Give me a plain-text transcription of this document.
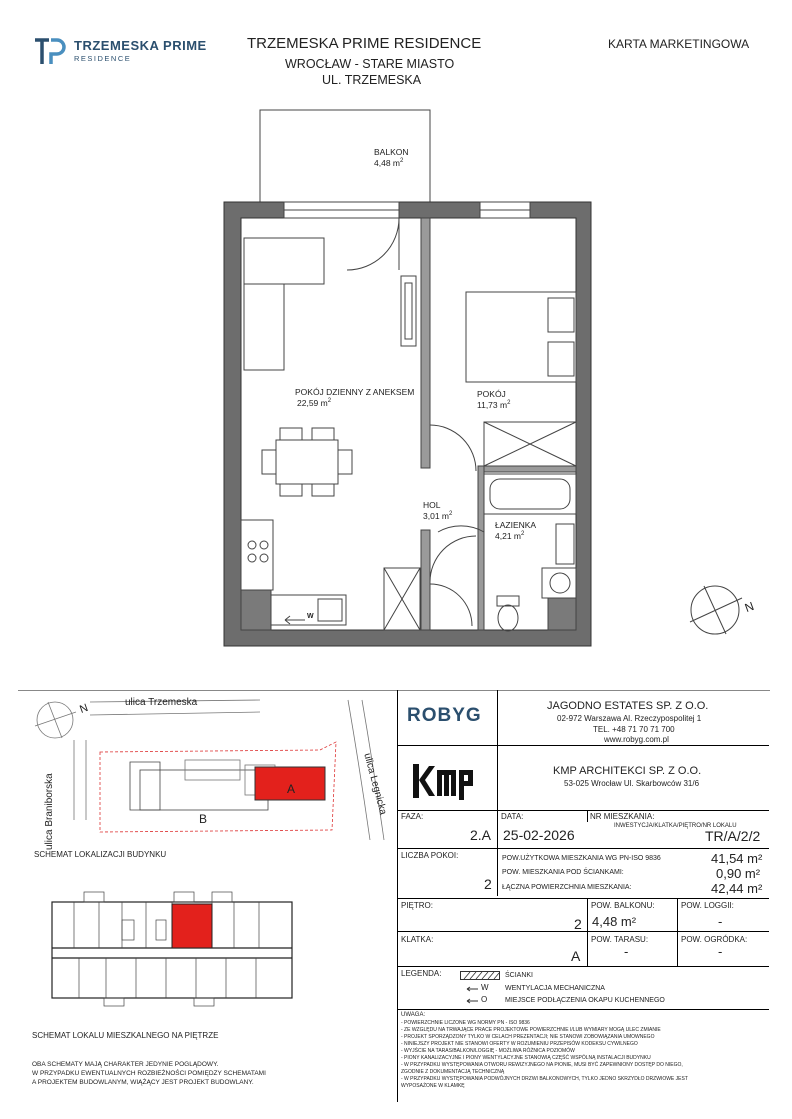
TRZEMESKA PRIME
RESIDENCE
TRZEMESKA PRIME RESIDENCE
WROCŁAW - STARE MIASTO
UL. TRZEMESKA
KARTA MARKETINGOWA
BALKON
4,48 $m^2$
POKÓJ DZIENNY Z ANEKSEM
22,59 $m^2$
POKÓJ
11,73 $m^2$
HOL
3,01 $m^2$
ŁAZIENKA
4,21 $m^2$
W
N
ulica Trzemeska
ulica Braniborska	ulica Legnicka
A
B
N
SCHEMAT LOKALIZACJI BUDYNKU
SCHEMAT LOKALU MIESZKALNEGO NA PIĘTRZE
OBA SCHEMATY MAJĄ CHARAKTER JEDYNIE POGLĄDOWY.
W PRZYPADKU EWENTUALNYCH ROZBIEŻNOŚCI POMIĘDZY SCHEMATAMI
A PROJEKTEM BUDOWLANYM, WIĄŻĄCY JEST PROJEKT BUDOWLANY.
ROBYG	JAGODNO ESTATES SP. Z O.O.
02-972 Warszawa Al. Rzeczypospolitej 1
TEL. +48 71 70 71 700
www.robyg.com.pl
KMP ARCHITEKCI SP. Z O.O.
53-025 Wrocław Ul. Skarbowców 31/6
FAZA:
2.A
DATA:
25-02-2026
NR MIESZKANIA:
INWESTYCJA/KLATKA/PIĘTRO/NR LOKALU
TR/A/2/2
LICZBA POKOI:
2
POW.UŻYTKOWA MIESZKANIA WG PN-ISO 9836	41,54 m²
POW. MIESZKANIA POD ŚCIANKAMI:	0,90 m²
ŁĄCZNA POWIERZCHNIA MIESZKANIA:	42,44 m²
PIĘTRO:
2
POW. BALKONU:
4,48 m²
POW. LOGGII:
-
KLATKA:
A
POW. TARASU:
-
POW. OGRÓDKA:
-
LEGENDA:	ŚCIANKI
W WENTYLACJA MECHANICZNA
O	MIEJSCE PODŁĄCZENIA OKAPU KUCHENNEGO
UWAGA:
- POWIERZCHNIE LICZONE WG NORMY PN - ISO 9836
- ZE WZGLĘDU NA TRWAJĄCE PRACE PROJEKTOWE POWIERZCHNIE I/LUB WYMIARY MOGĄ ULEC ZMIANIE
- PROJEKT SPORZĄDZONY TYLKO W CELACH PREZENTACJI; NIE STANOWI ZOBOWIĄZANIA UMOWNEGO
- NINIEJSZY PROJEKT NIE STANOWI OFERTY W ROZUMIENIU PRZEPISÓW KODEKSU CYWILNEGO
- WYJŚCIE NA TARAS/BALKON/LOGGIĘ - MOŻLIWA RÓŻNICA POZIOMÓW
- PIONY KANALIZACYJNE I PIONY WENTYLACYJNE STANOWIĄ CZĘŚĆ WSPÓLNĄ INSTALACJI BUDYNKU
- W PRZYPADKU WYSTĘPOWANIA OTWORU REWIZYJNEGO NA PIONIE, MUSI BYĆ ZAPEWNIONY DOSTĘP DO NIEGO,
ZGODNIE Z DOKUMENTACJĄ TECHNICZNĄ
- W PRZYPADKU WYSTĘPOWANIA PODWÓJNYCH DRZWI BALKONOWYCH, TYLKO JEDNO SKRZYDŁO DRZWIOWE JEST
WYPOSAŻONE W KLAMKĘ
